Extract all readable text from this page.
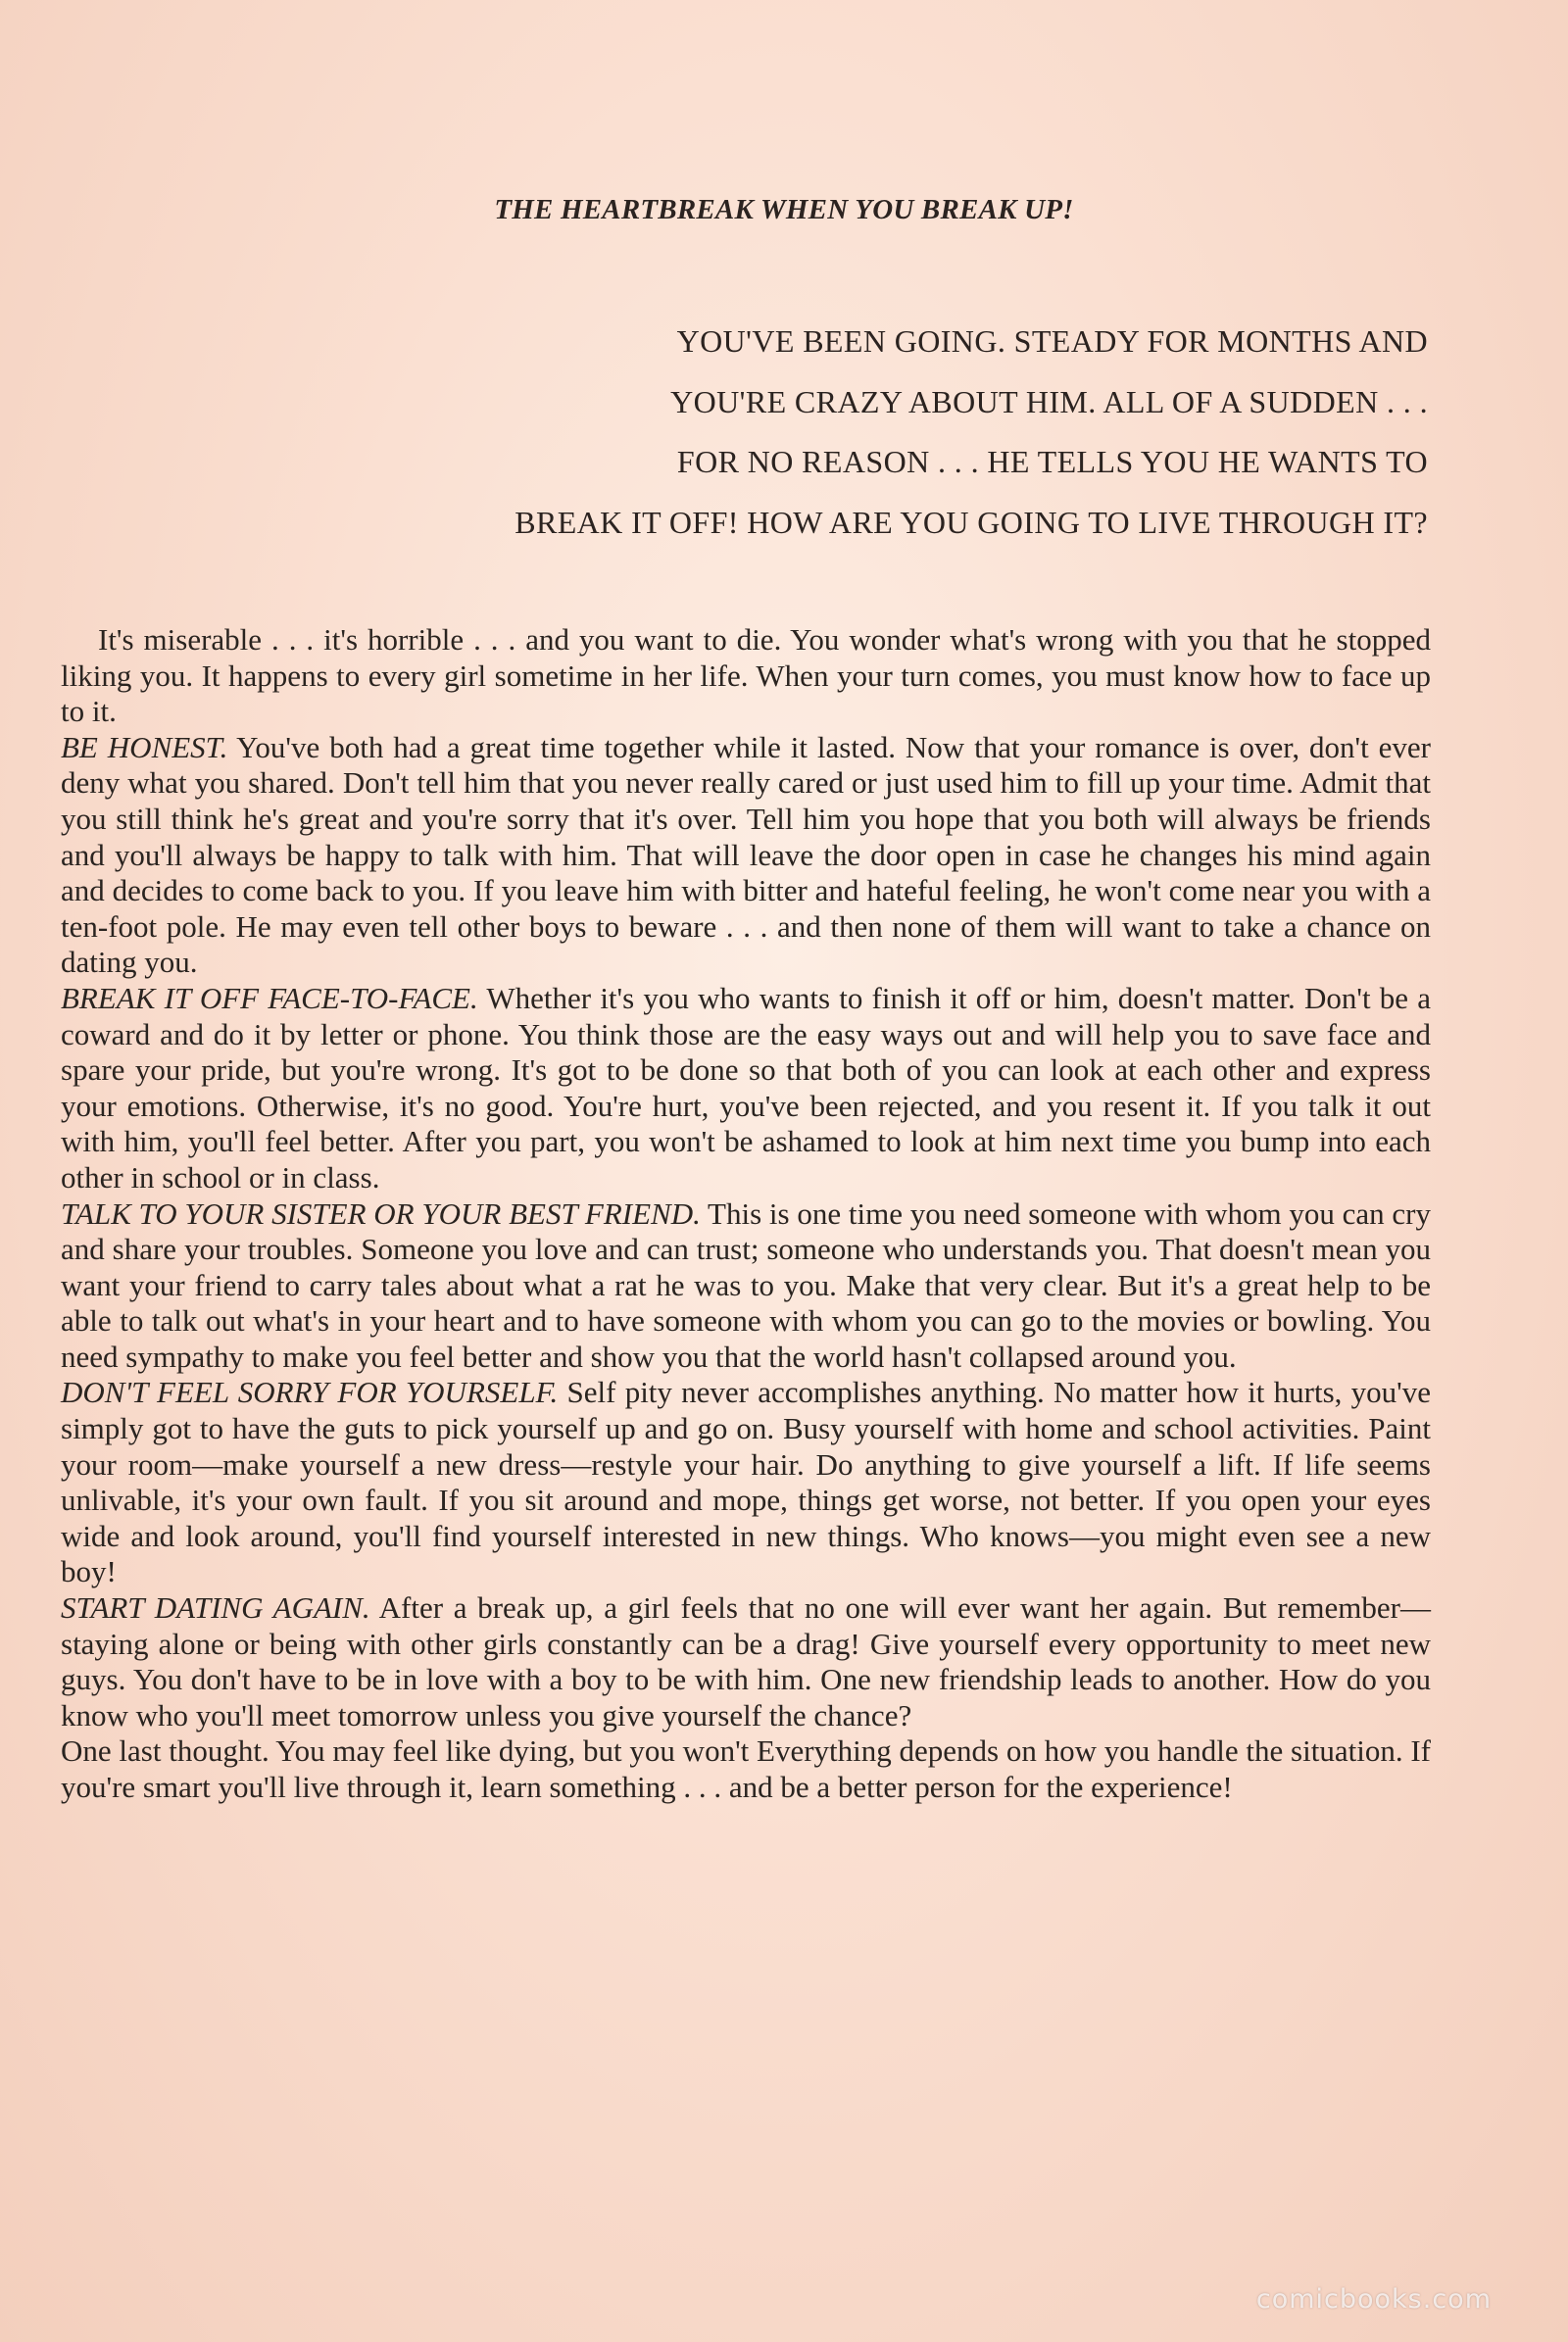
THE HEARTBREAK WHEN YOU BREAK UP!
YOU'VE BEEN GOING. STEADY FOR MONTHS AND
YOU'RE CRAZY ABOUT HIM. ALL OF A SUDDEN . . .
FOR NO REASON . . . HE TELLS YOU HE WANTS TO
BREAK IT OFF! HOW ARE YOU GOING TO LIVE THROUGH IT?

It's miserable . . . it's horrible . . . and you want to die. You wonder what's wrong with you that he stopped liking you. It happens to every girl sometime in her life. When your turn comes, you must know how to face up to it.

BE HONEST. You've both had a great time together while it lasted. Now that your romance is over, don't ever deny what you shared. Don't tell him that you never really cared or just used him to fill up your time. Admit that you still think he's great and you're sorry that it's over. Tell him you hope that you both will always be friends and you'll always be happy to talk with him. That will leave the door open in case he changes his mind again and decides to come back to you. If you leave him with bitter and hateful feeling, he won't come near you with a ten-foot pole. He may even tell other boys to beware . . . and then none of them will want to take a chance on dating you.

BREAK IT OFF FACE-TO-FACE. Whether it's you who wants to finish it off or him, doesn't matter. Don't be a coward and do it by letter or phone. You think those are the easy ways out and will help you to save face and spare your pride, but you're wrong. It's got to be done so that both of you can look at each other and express your emotions. Otherwise, it's no good. You're hurt, you've been rejected, and you resent it. If you talk it out with him, you'll feel better. After you part, you won't be ashamed to look at him next time you bump into each other in school or in class.

TALK TO YOUR SISTER OR YOUR BEST FRIEND. This is one time you need someone with whom you can cry and share your troubles. Someone you love and can trust; someone who understands you. That doesn't mean you want your friend to carry tales about what a rat he was to you. Make that very clear. But it's a great help to be able to talk out what's in your heart and to have someone with whom you can go to the movies or bowling. You need sympathy to make you feel better and show you that the world hasn't collapsed around you.

DON'T FEEL SORRY FOR YOURSELF. Self pity never accomplishes anything. No matter how it hurts, you've simply got to have the guts to pick yourself up and go on. Busy yourself with home and school activities. Paint your room—make yourself a new dress—restyle your hair. Do anything to give yourself a lift. If life seems unlivable, it's your own fault. If you sit around and mope, things get worse, not better. If you open your eyes wide and look around, you'll find yourself interested in new things. Who knows—you might even see a new boy!

START DATING AGAIN. After a break up, a girl feels that no one will ever want her again. But remember—staying alone or being with other girls constantly can be a drag! Give yourself every opportunity to meet new guys. You don't have to be in love with a boy to be with him. One new friendship leads to another. How do you know who you'll meet tomorrow unless you give yourself the chance?

One last thought. You may feel like dying, but you won't Everything depends on how you handle the situation. If you're smart you'll live through it, learn something . . . and be a better person for the experience!

comicbooks.com
